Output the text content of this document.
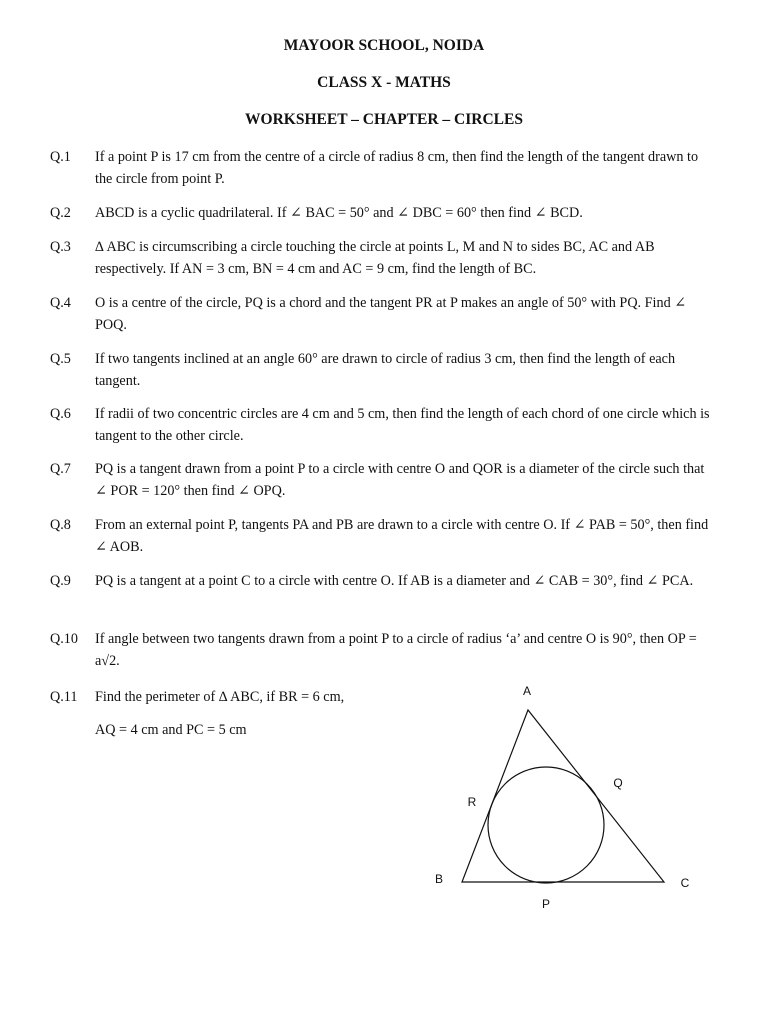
MAYOOR SCHOOL, NOIDA
CLASS X - MATHS
WORKSHEET – CHAPTER – CIRCLES
Q.1 If a point P is 17 cm from the centre of a circle of radius 8 cm, then find the length of the tangent drawn to the circle from point P.
Q.2 ABCD is a cyclic quadrilateral. If ∠ BAC = 50° and ∠ DBC = 60° then find ∠ BCD.
Q.3 ∆ ABC is circumscribing a circle touching the circle at points L, M and N to sides BC, AC and AB respectively. If AN = 3 cm, BN = 4 cm and AC = 9 cm, find the length of BC.
Q.4 O is a centre of the circle, PQ is a chord and the tangent PR at P makes an angle of 50° with PQ. Find ∠ POQ.
Q.5 If two tangents inclined at an angle 60° are drawn to circle of radius 3 cm, then find the length of each tangent.
Q.6 If radii of two concentric circles are 4 cm and 5 cm, then find the length of each chord of one circle which is tangent to the other circle.
Q.7 PQ is a tangent drawn from a point P to a circle with centre O and QOR is a diameter of the circle such that ∠ POR = 120° then find ∠ OPQ.
Q.8 From an external point P, tangents PA and PB are drawn to a circle with centre O. If ∠ PAB = 50°, then find ∠ AOB.
Q.9 PQ is a tangent at a point C to a circle with centre O. If AB is a diameter and ∠ CAB = 30°, find ∠ PCA.
Q.10 If angle between two tangents drawn from a point P to a circle of radius ‘a’ and centre O is 90°, then OP = a√2.
Q.11 Find the perimeter of ∆ ABC, if BR = 6 cm,
AQ = 4 cm and PC = 5 cm
A
B	C
P
Q
R
